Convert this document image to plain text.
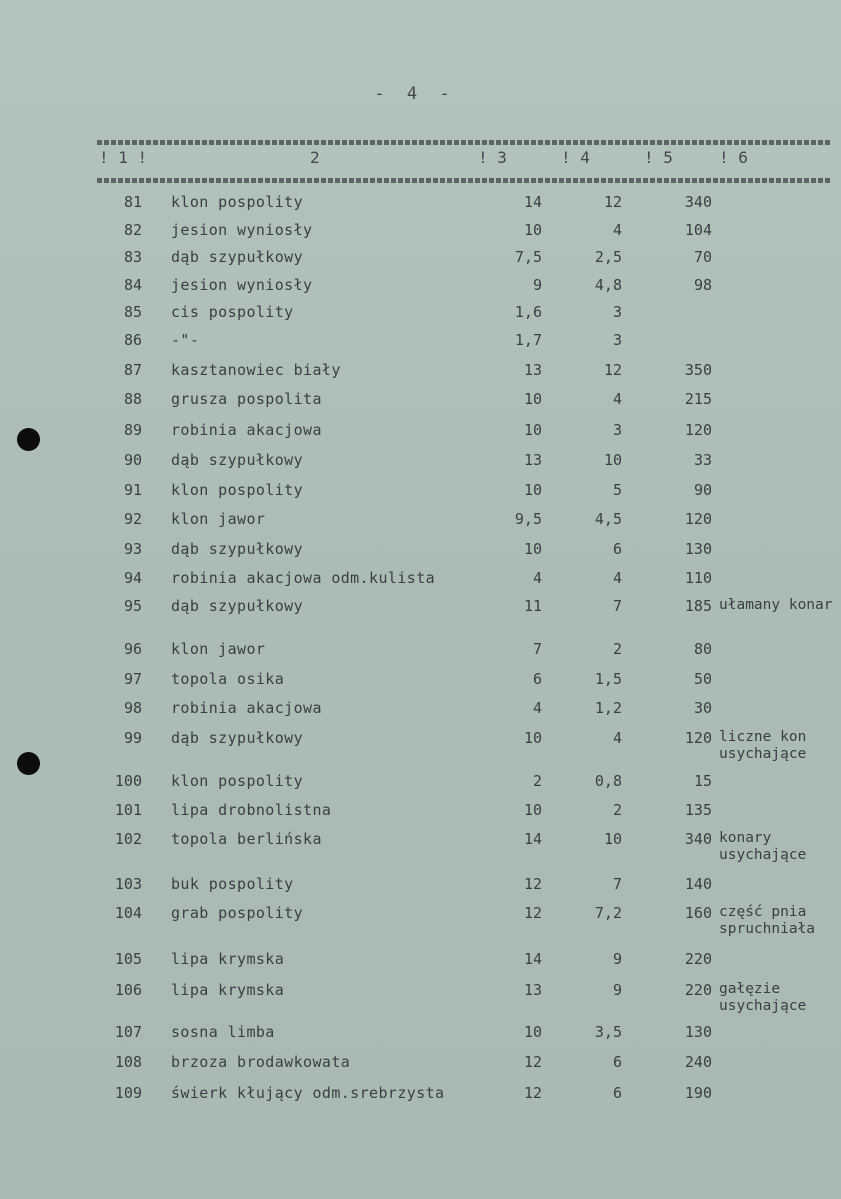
- 4 -
! 1 !	2	! 3	! 4	! 5	! 6
81 klon pospolity	14	12	340
82 jesion wyniosły	10	4	104
83 dąb szypułkowy	7,5	2,5	70
84 jesion wyniosły	9	4,8	98
85 cis pospolity	1,6	3
86 -"-	1,7	3
87 kasztanowiec biały	13	12	350
88 grusza pospolita	10	4	215
89 robinia akacjowa	10	3	120
90 dąb szypułkowy	13	10	33
91 klon pospolity	10	5	90
92 klon jawor	9,5	4,5	120
93 dąb szypułkowy	10	6	130
94 robinia akacjowa odm.kulista	4	4	110
95 dąb szypułkowy	11	7	185 ułamany konar
96 klon jawor	7	2	80
97 topola osika	6	1,5	50
98 robinia akacjowa	4	1,2	30
99 dąb szypułkowy	10	4	120 liczne kon usychające
100 klon pospolity	2	0,8	15
101 lipa drobnolistna	10	2	135
102 topola berlińska	14	10	340 konary usychające
103 buk pospolity	12	7	140
104 grab pospolity	12	7,2	160 część pnia spruchniała
105 lipa krymska	14	9	220
106 lipa krymska	13	9	220 gałęzie usychające
107 sosna limba	10	3,5	130
108 brzoza brodawkowata	12	6	240
109 świerk kłujący odm.srebrzysta	12	6	190
